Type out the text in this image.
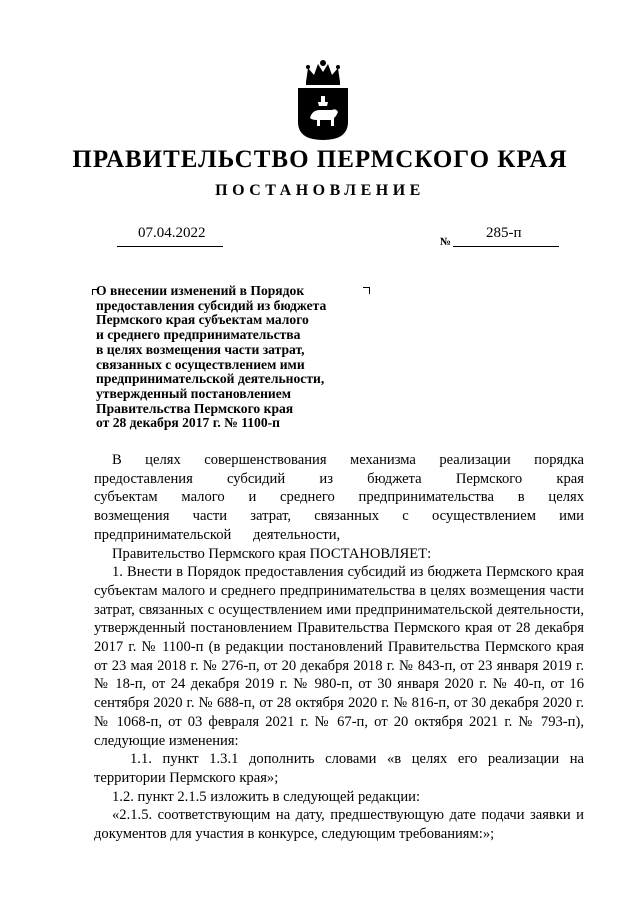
ПРАВИТЕЛЬСТВО ПЕРМСКОГО КРАЯ
ПОСТАНОВЛЕНИЕ
07.04.2022
№
285-п
О внесении изменений в Порядок
предоставления субсидий из бюджета
Пермского края субъектам малого
и среднего предпринимательства
в целях возмещения части затрат,
связанных с осуществлением ими
предпринимательской деятельности,
утвержденный постановлением
Правительства Пермского края
от 28 декабря 2017 г. № 1100-п

В целях совершенствования механизма реализации порядка предоставления субсидий из бюджета Пермского края субъектам малого и среднего предпринимательства в целях возмещения части затрат, связанных с осуществлением ими предпринимательской деятельности,

Правительство Пермского края ПОСТАНОВЛЯЕТ:

1. Внести в Порядок предоставления субсидий из бюджета Пермского края субъектам малого и среднего предпринимательства в целях возмещения части затрат, связанных с осуществлением ими предпринимательской деятельности, утвержденный постановлением Правительства Пермского края от 28 декабря 2017 г. № 1100-п (в редакции постановлений Правительства Пермского края от 23 мая 2018 г. № 276-п, от 20 декабря 2018 г. № 843-п, от 23 января 2019 г. № 18-п, от 24 декабря 2019 г. № 980-п, от 30 января 2020 г. № 40-п, от 16 сентября 2020 г. № 688-п, от 28 октября 2020 г. № 816-п, от 30 декабря 2020 г. № 1068-п, от 03 февраля 2021 г. № 67-п, от 20 октября 2021 г. № 793-п), следующие изменения:

1.1. пункт 1.3.1 дополнить словами «в целях его реализации на территории Пермского края»;

1.2. пункт 2.1.5 изложить в следующей редакции:

«2.1.5. соответствующим на дату, предшествующую дате подачи заявки и документов для участия в конкурсе, следующим требованиям:»;
